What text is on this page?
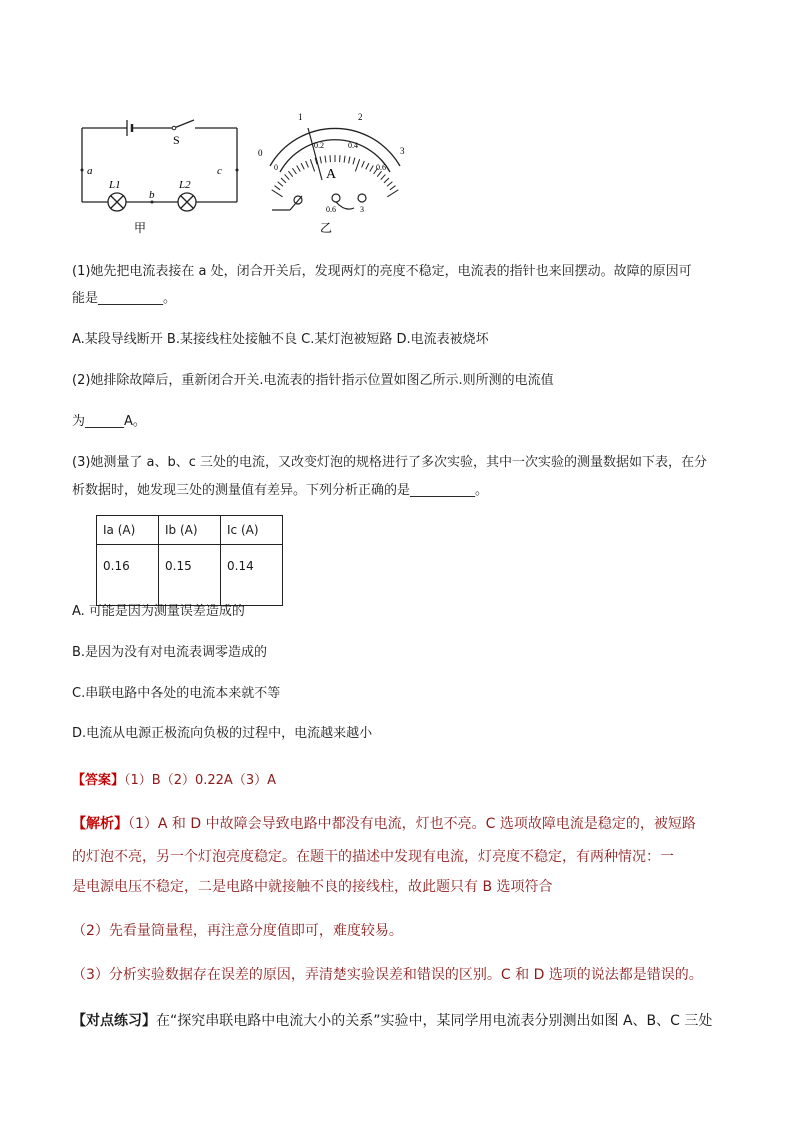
S
a	c
b
L1	L2
甲
0
1	2
3
0
0.2	0.4
0.6
A
0.6	3
乙

(1)她先把电流表接在 a 处，闭合开关后，发现两灯的亮度不稳定，电流表的指针也来回摆动。故障的原因可

能是__________。

A.某段导线断开 B.某接线柱处接触不良 C.某灯泡被短路 D.电流表被烧坏

(2)她排除故障后，重新闭合开关.电流表的指针指示位置如图乙所示.则所测的电流值

为______A。

(3)她测量了 a、b、c 三处的电流，又改变灯泡的规格进行了多次实验，其中一次实验的测量数据如下表，在分

析数据时，她发现三处的测量值有差异。下列分析正确的是__________。

Ia (A)	Ib (A)	Ic (A)
0.16	0.15	0.14

A. 可能是因为测量误差造成的

B.是因为没有对电流表调零造成的

C.串联电路中各处的电流本来就不等

D.电流从电源正极流向负极的过程中，电流越来越小

【答案】（1）B（2）0.22A（3）A

【解析】（1）A 和 D 中故障会导致电路中都没有电流，灯也不亮。C 选项故障电流是稳定的，被短路

的灯泡不亮，另一个灯泡亮度稳定。在题干的描述中发现有电流，灯亮度不稳定，有两种情况：一

是电源电压不稳定，二是电路中就接触不良的接线柱，故此题只有 B 选项符合

（2）先看量筒量程，再注意分度值即可，难度较易。

（3）分析实验数据存在误差的原因，弄清楚实验误差和错误的区别。C 和 D 选项的说法都是错误的。

【对点练习】在“探究串联电路中电流大小的关系”实验中，某同学用电流表分别测出如图 A、B、C 三处
